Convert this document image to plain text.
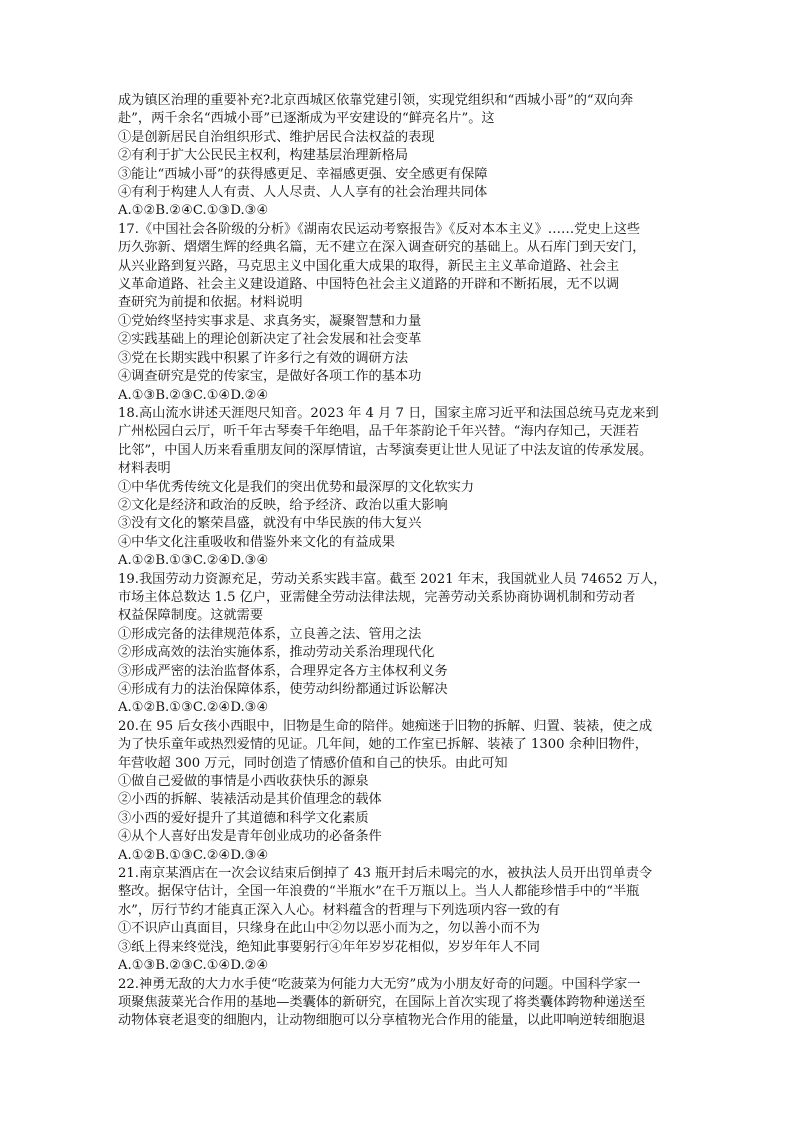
成为镇区治理的重要补充?北京西城区依靠党建引领，实现党组织和“西城小哥”的“双向奔
赴”，两千余名“西城小哥”已逐渐成为平安建设的“鲜亮名片”。这
①是创新居民自治组织形式、维护居民合法权益的表现
②有利于扩大公民民主权利，构建基层治理新格局
③能让“西城小哥”的获得感更足、幸福感更强、安全感更有保障
④有利于构建人人有责、人人尽责、人人享有的社会治理共同体
A.①②B.②④C.①③D.③④
17.《中国社会各阶级的分析》《湖南农民运动考察报告》《反对本本主义》……党史上这些
历久弥新、熠熠生辉的经典名篇，无不建立在深入调查研究的基础上。从石库门到天安门，
从兴业路到复兴路，马克思主义中国化重大成果的取得，新民主主义革命道路、社会主
义革命道路、社会主义建设道路、中国特色社会主义道路的开辟和不断拓展，无不以调
查研究为前提和依据。材料说明
①党始终坚持实事求是、求真务实，凝聚智慧和力量
②实践基础上的理论创新决定了社会发展和社会变革
③党在长期实践中积累了许多行之有效的调研方法
④调查研究是党的传家宝，是做好各项工作的基本功
A.①③B.②③C.①④D.②④
18.高山流水讲述天涯咫尺知音。2023 年 4 月 7 日，国家主席习近平和法国总统马克龙来到
广州松园白云厅，听千年古琴奏千年绝唱，品千年茶韵论千年兴替。“海内存知己，天涯若
比邻”，中国人历来看重朋友间的深厚情谊，古琴演奏更让世人见证了中法友谊的传承发展。
材料表明
①中华优秀传统文化是我们的突出优势和最深厚的文化软实力
②文化是经济和政治的反映，给予经济、政治以重大影响
③没有文化的繁荣昌盛，就没有中华民族的伟大复兴
④中华文化注重吸收和借鉴外来文化的有益成果
A.①②B.①③C.②④D.③④
19.我国劳动力资源充足，劳动关系实践丰富。截至 2021 年末，我国就业人员 74652 万人，
市场主体总数达 1.5 亿户，亚需健全劳动法律法规，完善劳动关系协商协调机制和劳动者
权益保障制度。这就需要
①形成完备的法律规范体系，立良善之法、管用之法
②形成高效的法治实施体系，推动劳动关系治理现代化
③形成严密的法治监督体系，合理界定各方主体权利义务
④形成有力的法治保障体系，使劳动纠纷都通过诉讼解决
A.①②B.①③C.②④D.③④
20.在 95 后女孩小西眼中，旧物是生命的陪伴。她痴迷于旧物的拆解、归置、装裱，使之成
为了快乐童年或热烈爱情的见证。几年间，她的工作室已拆解、装裱了 1300 余种旧物件，
年营收超 300 万元，同时创造了情感价值和自己的快乐。由此可知
①做自己爱做的事情是小西收获快乐的源泉
②小西的拆解、装裱活动是其价值理念的载体
③小西的爱好提升了其道德和科学文化素质
④从个人喜好出发是青年创业成功的必备条件
A.①②B.①③C.②④D.③④
21.南京某酒店在一次会议结束后倒掉了 43 瓶开封后未喝完的水，被执法人员开出罚单责令
整改。据保守估计，全国一年浪费的“半瓶水”在千万瓶以上。当人人都能珍惜手中的“半瓶
水”，厉行节约才能真正深入人心。材料蕴含的哲理与下列选项内容一致的有
①不识庐山真面目，只缘身在此山中②勿以恶小而为之，勿以善小而不为
③纸上得来终觉浅，绝知此事要躬行④年年岁岁花相似，岁岁年年人不同
A.①③B.②③C.①④D.②④
22.神勇无敌的大力水手使“吃菠菜为何能力大无穷”成为小朋友好奇的问题。中国科学家一
项聚焦菠菜光合作用的基地—类囊体的新研究，在国际上首次实现了将类囊体跨物种递送至
动物体衰老退变的细胞内，让动物细胞可以分享植物光合作用的能量，以此叩响逆转细胞退
